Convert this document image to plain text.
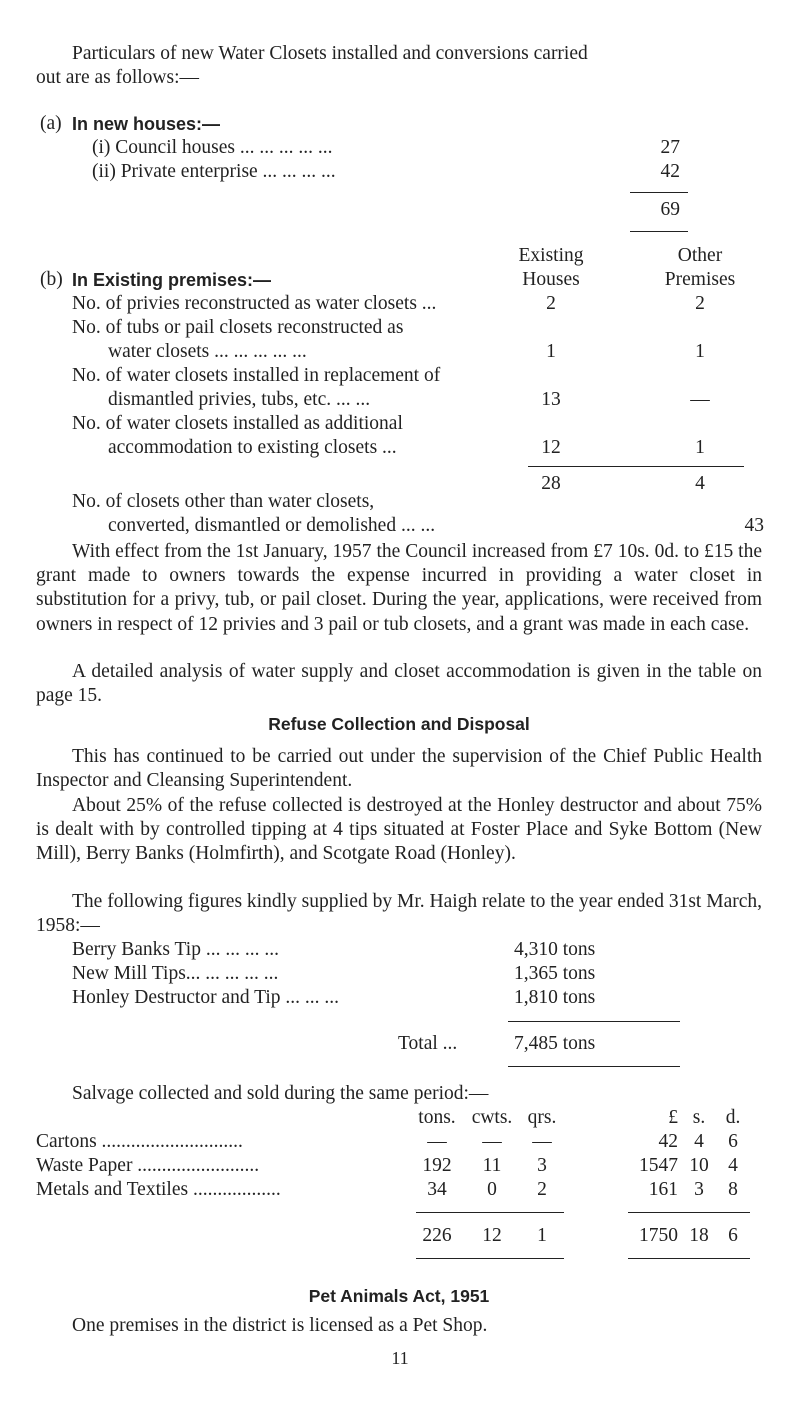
Particulars of new Water Closets installed and conversions carried
out are as follows:—
(a) In new houses:—
(i) Council houses ... ... ... ... ...	27
(ii) Private enterprise ... ... ... ...	42
69
Existing
Houses
Other
Premises
(b) In Existing premises:—
No. of privies reconstructed as water closets ...	2	2
No. of tubs or pail closets reconstructed as
water closets ... ... ... ... ...	1	1
No. of water closets installed in replacement of
dismantled privies, tubs, etc. ... ...	13	—
No. of water closets installed as additional
accommodation to existing closets ...	12	1
28	4
No. of closets other than water closets,
converted, dismantled or demolished ... ...	43
With effect from the 1st January, 1957 the Council increased from £7 10s. 0d. to £15 the grant made to owners towards the expense incurred in providing a water closet in substitution for a privy, tub, or pail closet. During the year, applications, were received from owners in respect of 12 privies and 3 pail or tub closets, and a grant was made in each case.
A detailed analysis of water supply and closet accommodation is given in the table on page 15.
Refuse Collection and Disposal
This has continued to be carried out under the supervision of the Chief Public Health Inspector and Cleansing Superintendent.
About 25% of the refuse collected is destroyed at the Honley destructor and about 75% is dealt with by controlled tipping at 4 tips situated at Foster Place and Syke Bottom (New Mill), Berry Banks (Holmfirth), and Scotgate Road (Honley).
The following figures kindly supplied by Mr. Haigh relate to the year ended 31st March, 1958:—
Berry Banks Tip ... ... ... ...	4,310 tons
New Mill Tips... ... ... ... ...	1,365 tons
Honley Destructor and Tip ... ... ...	1,810 tons
Total ...	7,485 tons
Salvage collected and sold during the same period:—
tons. cwts. qrs.	£ s.	d.
Cartons .............................	—	—	—	42 4	6
Waste Paper .........................	192	11	3	1547 10 4
Metals and Textiles ..................	34	0	2	161 3	8
226	12	1	1750 18 6
Pet Animals Act, 1951
One premises in the district is licensed as a Pet Shop.
11
